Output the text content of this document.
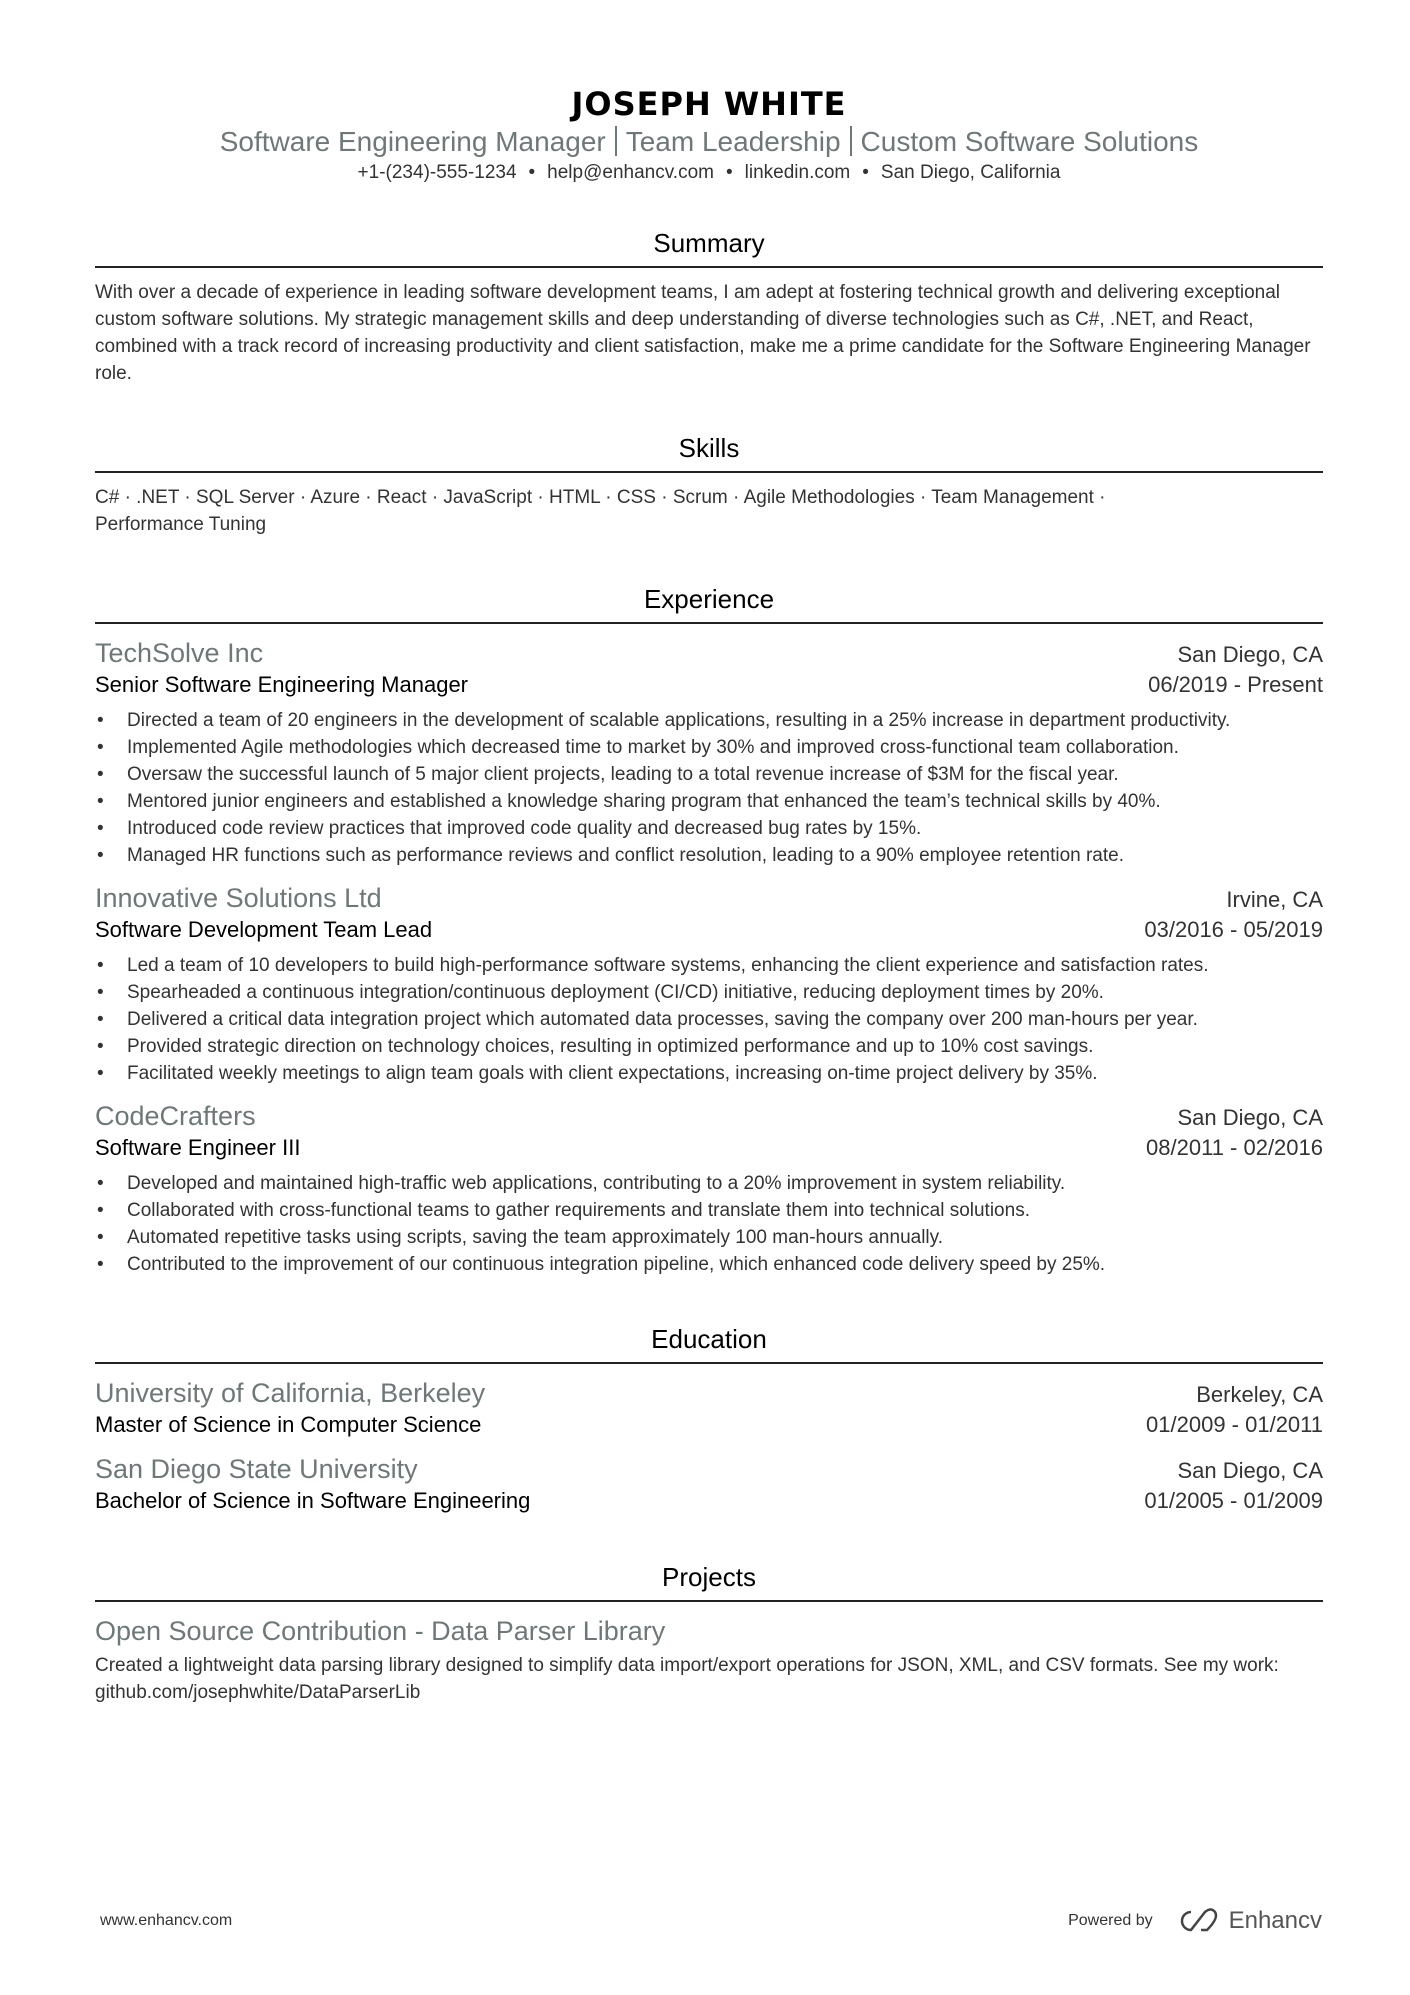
JOSEPH WHITE
Software Engineering Manager Team Leadership Custom Software Solutions
+1-(234)-555-1234 • help@enhancv.com • linkedin.com • San Diego, California
Summary
With over a decade of experience in leading software development teams, I am adept at fostering technical growth and delivering exceptional custom software solutions. My strategic management skills and deep understanding of diverse technologies such as C#, .NET, and React, combined with a track record of increasing productivity and client satisfaction, make me a prime candidate for the Software Engineering Manager role.
Skills
C# · .NET · SQL Server · Azure · React · JavaScript · HTML · CSS · Scrum · Agile Methodologies · Team Management · Performance Tuning
Experience
TechSolve Inc	San Diego, CA
Senior Software Engineering Manager	06/2019 - Present
• Directed a team of 20 engineers in the development of scalable applications, resulting in a 25% increase in department productivity.
• Implemented Agile methodologies which decreased time to market by 30% and improved cross-functional team collaboration.
• Oversaw the successful launch of 5 major client projects, leading to a total revenue increase of $3M for the fiscal year.
• Mentored junior engineers and established a knowledge sharing program that enhanced the team’s technical skills by 40%.
• Introduced code review practices that improved code quality and decreased bug rates by 15%.
• Managed HR functions such as performance reviews and conflict resolution, leading to a 90% employee retention rate.
Innovative Solutions Ltd	Irvine, CA
Software Development Team Lead	03/2016 - 05/2019
• Led a team of 10 developers to build high-performance software systems, enhancing the client experience and satisfaction rates.
• Spearheaded a continuous integration/continuous deployment (CI/CD) initiative, reducing deployment times by 20%.
• Delivered a critical data integration project which automated data processes, saving the company over 200 man-hours per year.
• Provided strategic direction on technology choices, resulting in optimized performance and up to 10% cost savings.
• Facilitated weekly meetings to align team goals with client expectations, increasing on-time project delivery by 35%.
CodeCrafters	San Diego, CA
Software Engineer III	08/2011 - 02/2016
• Developed and maintained high-traffic web applications, contributing to a 20% improvement in system reliability.
• Collaborated with cross-functional teams to gather requirements and translate them into technical solutions.
• Automated repetitive tasks using scripts, saving the team approximately 100 man-hours annually.
• Contributed to the improvement of our continuous integration pipeline, which enhanced code delivery speed by 25%.
Education
University of California, Berkeley	Berkeley, CA
Master of Science in Computer Science	01/2009 - 01/2011
San Diego State University	San Diego, CA
Bachelor of Science in Software Engineering	01/2005 - 01/2009
Projects
Open Source Contribution - Data Parser Library
Created a lightweight data parsing library designed to simplify data import/export operations for JSON, XML, and CSV formats. See my work: github.com/josephwhite/DataParserLib
www.enhancv.com	Powered by	Enhancv
